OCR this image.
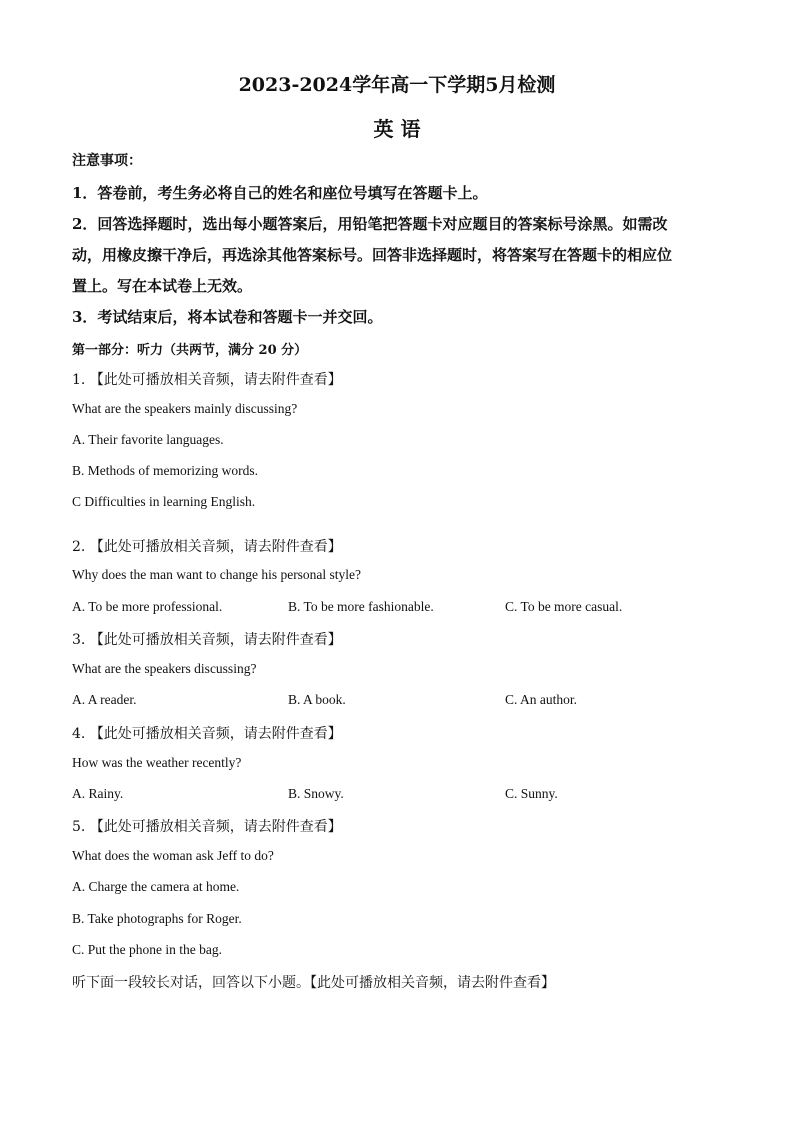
2023-2024学年高一下学期5月检测
英 语
注意事项：
1．答卷前，考生务必将自己的姓名和座位号填写在答题卡上。
2．回答选择题时，选出每小题答案后，用铅笔把答题卡对应题目的答案标号涂黑。如需改
动，用橡皮擦干净后，再选涂其他答案标号。回答非选择题时，将答案写在答题卡的相应位
置上。写在本试卷上无效。
3．考试结束后，将本试卷和答题卡一并交回。
第一部分：听力（共两节，满分 20 分）
1. 【此处可播放相关音频，请去附件查看】
What are the speakers mainly discussing?
A. Their favorite languages.
B. Methods of memorizing words.
C Difficulties in learning English.
2. 【此处可播放相关音频，请去附件查看】
Why does the man want to change his personal style?
A. To be more professional.	B. To be more fashionable.	C. To be more casual.
3. 【此处可播放相关音频，请去附件查看】
What are the speakers discussing?
A. A reader.	B. A book.	C. An author.
4. 【此处可播放相关音频，请去附件查看】
How was the weather recently?
A. Rainy.	B. Snowy.	C. Sunny.
5. 【此处可播放相关音频，请去附件查看】
What does the woman ask Jeff to do?
A. Charge the camera at home.
B. Take photographs for Roger.
C. Put the phone in the bag.
听下面一段较长对话，回答以下小题。【此处可播放相关音频，请去附件查看】
